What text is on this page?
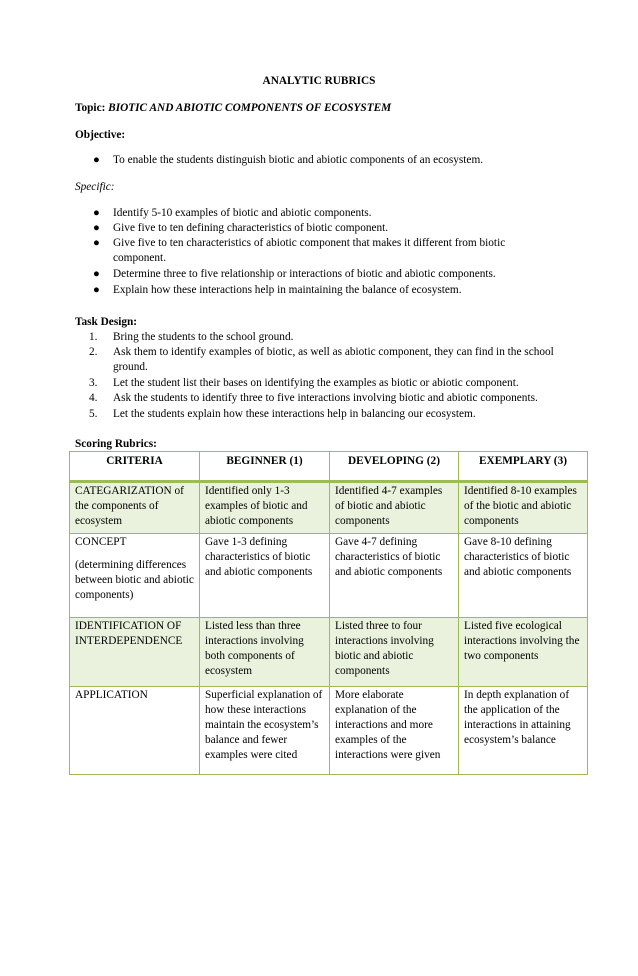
ANALYTIC RUBRICS
Topic: BIOTIC AND ABIOTIC COMPONENTS OF ECOSYSTEM
Objective:
●	To enable the students distinguish biotic and abiotic components of an ecosystem.
Specific:
●	Identify 5-10 examples of biotic and abiotic components.
●	Give five to ten defining characteristics of biotic component.
●	Give five to ten characteristics of abiotic component that makes it different from biotic component.
●	Determine three to five relationship or interactions of biotic and abiotic components.
●	Explain how these interactions help in maintaining the balance of ecosystem.
Task Design:
1.	Bring the students to the school ground.
2.	Ask them to identify examples of biotic, as well as abiotic component, they can find in the school ground.
3.	Let the student list their bases on identifying the examples as biotic or abiotic component.
4.	Ask the students to identify three to five interactions involving biotic and abiotic components.
5.	Let the students explain how these interactions help in balancing our ecosystem.
Scoring Rubrics:
CRITERIA	BEGINNER (1)	DEVELOPING (2)	EXEMPLARY (3)
CATEGARIZATION of the components of ecosystem	Identified only 1-3 examples of biotic and abiotic components	Identified 4-7 examples of biotic and abiotic components	Identified 8-10 examples of the biotic and abiotic components
CONCEPT
(determining differences between biotic and abiotic components)	Gave 1-3 defining characteristics of biotic and abiotic components	Gave 4-7 defining characteristics of biotic and abiotic components	Gave 8-10 defining characteristics of biotic and abiotic components
IDENTIFICATION OF INTERDEPENDENCE	Listed less than three interactions involving both components of ecosystem	Listed three to four interactions involving biotic and abiotic components	Listed five ecological interactions involving the two components
APPLICATION	Superficial explanation of how these interactions maintain the ecosystem’s balance and fewer examples were cited	More elaborate explanation of the interactions and more examples of the interactions were given	In depth explanation of the application of the interactions in attaining ecosystem’s balance
